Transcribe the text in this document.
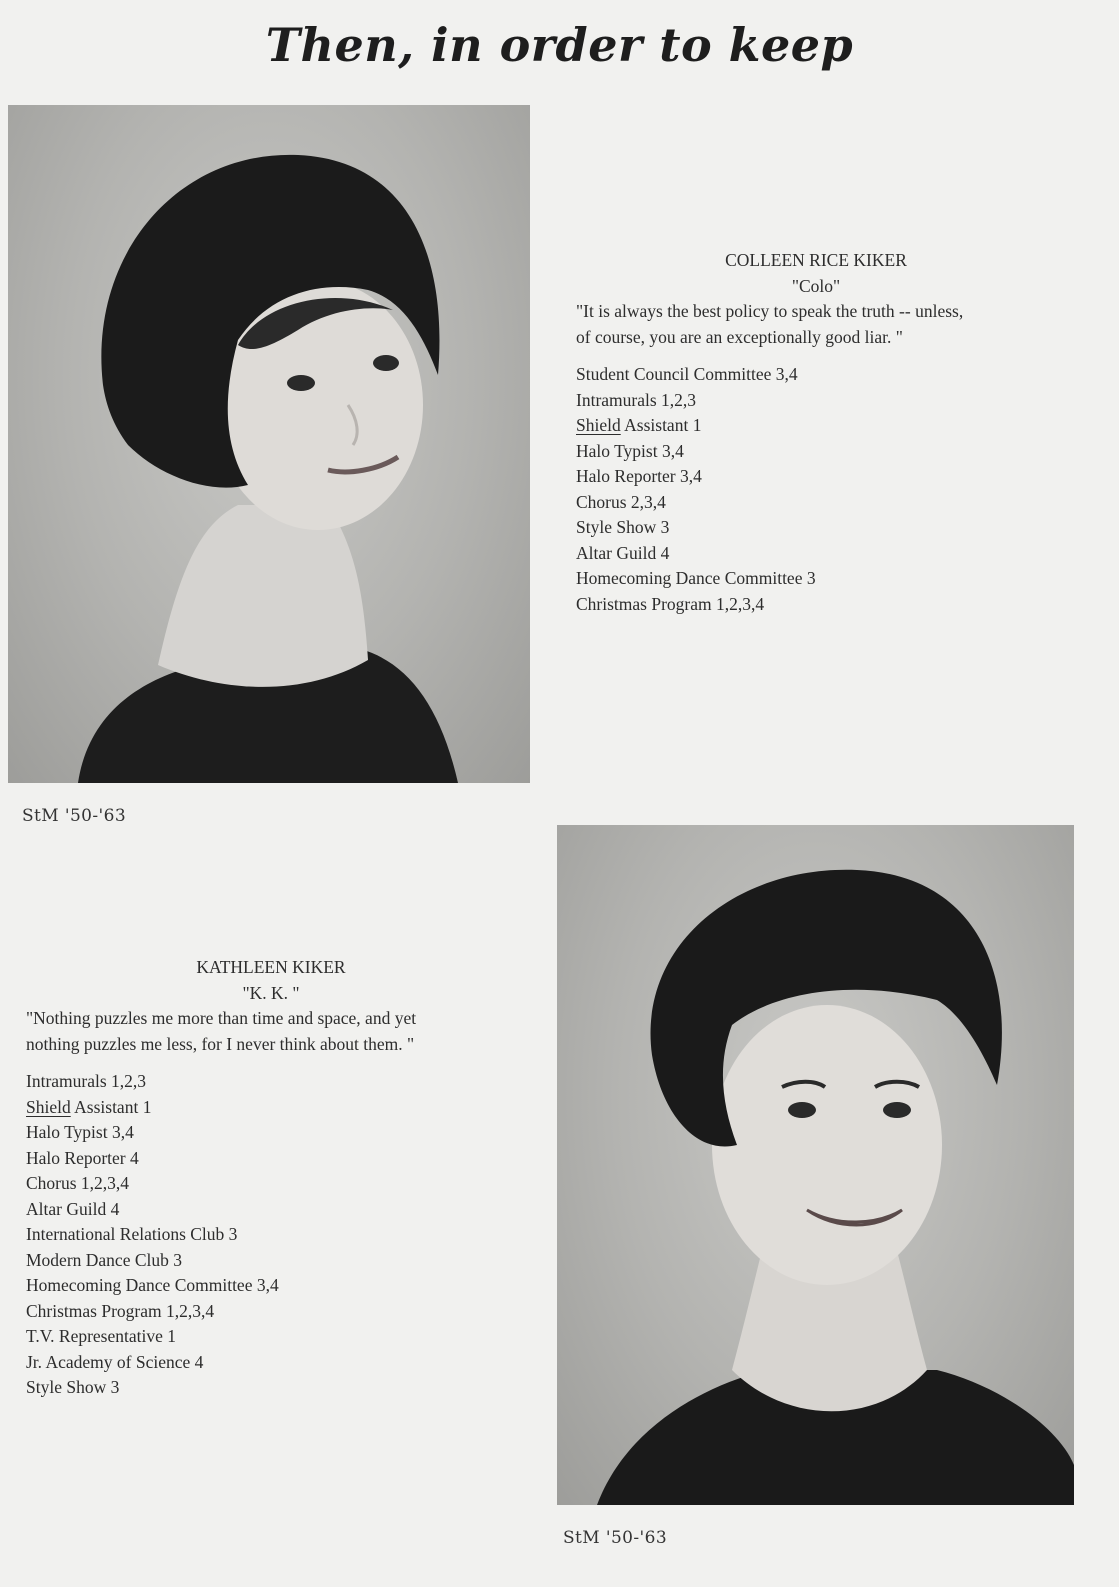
Then, in order to keep
StM '50-'63
COLLEEN RICE KIKER
"Colo"
"It is always the best policy to speak the truth -- unless,
of course, you are an exceptionally good liar. "
Student Council Committee 3,4
Intramurals 1,2,3
Shield Assistant 1
Halo Typist 3,4
Halo Reporter 3,4
Chorus 2,3,4
Style Show 3
Altar Guild 4
Homecoming Dance Committee 3
Christmas Program 1,2,3,4
StM '50-'63
KATHLEEN KIKER
"K. K. "
"Nothing puzzles me more than time and space, and yet
nothing puzzles me less, for I never think about them. "
Intramurals 1,2,3
Shield Assistant 1
Halo Typist 3,4
Halo Reporter 4
Chorus 1,2,3,4
Altar Guild 4
International Relations Club 3
Modern Dance Club 3
Homecoming Dance Committee 3,4
Christmas Program 1,2,3,4
T.V. Representative 1
Jr. Academy of Science 4
Style Show 3
